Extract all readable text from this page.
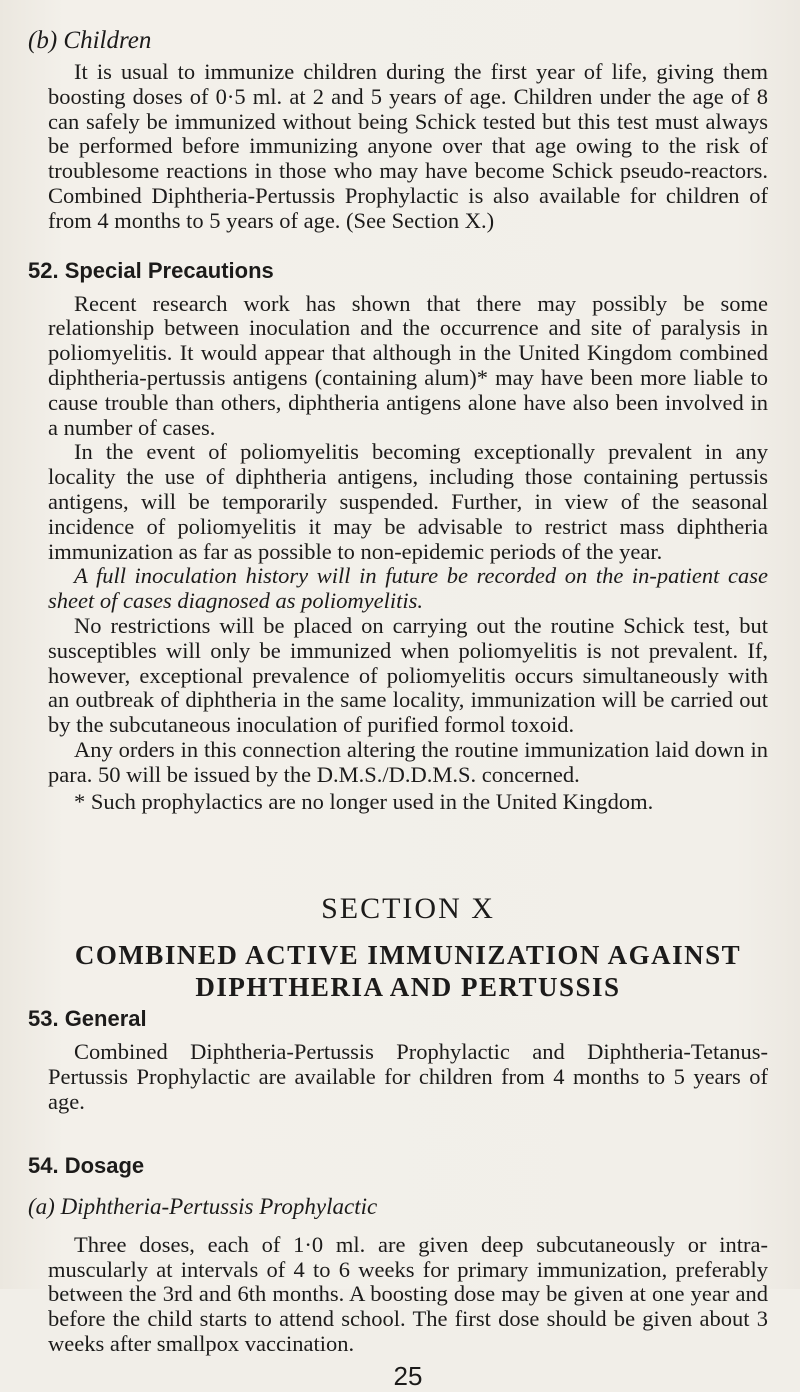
(b) Children

It is usual to immunize children during the first year of life, giving them boosting doses of 0·5 ml. at 2 and 5 years of age. Children under the age of 8 can safely be immunized without being Schick tested but this test must always be performed before immunizing anyone over that age owing to the risk of troublesome reactions in those who may have become Schick pseudo-reactors. Combined Diphtheria-Pertussis Prophylactic is also available for children of from 4 months to 5 years of age. (See Section X.)

52. Special Precautions

Recent research work has shown that there may possibly be some relationship between inoculation and the occurrence and site of paralysis in poliomyelitis. It would appear that although in the United Kingdom combined diphtheria-pertussis antigens (containing alum)* may have been more liable to cause trouble than others, diphtheria antigens alone have also been involved in a number of cases.

In the event of poliomyelitis becoming exceptionally prevalent in any locality the use of diphtheria antigens, including those containing pertussis antigens, will be temporarily suspended. Further, in view of the seasonal incidence of poliomyelitis it may be advisable to restrict mass diphtheria immunization as far as possible to non-epidemic periods of the year.

A full inoculation history will in future be recorded on the in-patient case sheet of cases diagnosed as poliomyelitis.

No restrictions will be placed on carrying out the routine Schick test, but susceptibles will only be immunized when poliomyelitis is not prevalent. If, however, exceptional prevalence of poliomyelitis occurs simultaneously with an outbreak of diphtheria in the same locality, immunization will be carried out by the subcutaneous inoculation of purified formol toxoid.

Any orders in this connection altering the routine immunization laid down in para. 50 will be issued by the D.M.S./D.D.M.S. concerned.

* Such prophylactics are no longer used in the United Kingdom.

SECTION X
COMBINED ACTIVE IMMUNIZATION AGAINST
DIPHTHERIA AND PERTUSSIS
53. General

Combined Diphtheria-Pertussis Prophylactic and Diphtheria-Tetanus-Pertussis Prophylactic are available for children from 4 months to 5 years of age.

54. Dosage
(a) Diphtheria-Pertussis Prophylactic

Three doses, each of 1·0 ml. are given deep subcutaneously or intra-muscularly at intervals of 4 to 6 weeks for primary immunization, preferably between the 3rd and 6th months. A boosting dose may be given at one year and before the child starts to attend school. The first dose should be given about 3 weeks after smallpox vaccination.

25
